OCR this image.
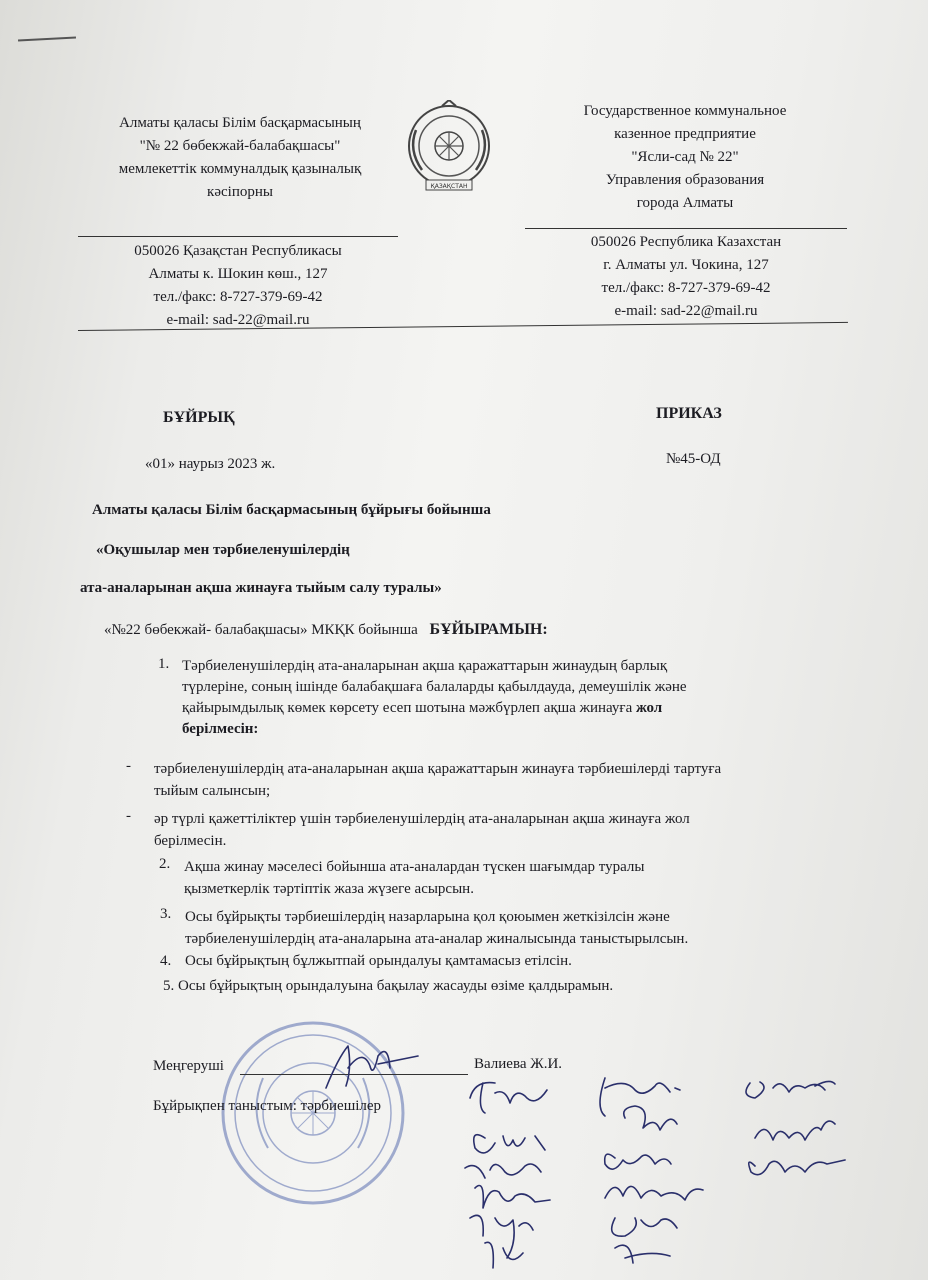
Алматы қаласы Білім басқармасының
"№ 22 бөбекжай-балабақшасы"
мемлекеттік коммуналдық қазыналық
кәсіпорны	ҚАЗАҚСТАН
Государственное коммунальное
казенное предприятие
"Ясли-сад № 22"
Управления образования
города Алматы
050026 Қазақстан Республикасы
Алматы к. Шокин көш., 127
тел./факс: 8-727-379-69-42
e-mail: sad-22@mail.ru
050026 Республика Казахстан
г. Алматы ул. Чокина, 127
тел./факс: 8-727-379-69-42
e-mail: sad-22@mail.ru
БҰЙРЫҚ	ПРИКАЗ
«01» наурыз 2023 ж.	№45-ОД
Алматы қаласы Білім басқармасының бұйрығы бойынша
«Оқушылар мен тәрбиеленушілердің
ата-аналарынан ақша жинауға тыйым салу туралы»
«№22 бөбекжай- балабақшасы» МКҚК бойынша БҰЙЫРАМЫН:
1. Тәрбиеленушілердің ата-аналарынан ақша қаражаттарын жинаудың барлық
түрлеріне, соның ішінде балабақшаға балаларды қабылдауда, демеушілік және
қайырымдылық көмек көрсету есеп шотына мәжбүрлеп ақша жинауға жол
берілмесін:
- тәрбиеленушілердің ата-аналарынан ақша қаражаттарын жинауға тәрбиешілерді тартуға
тыйым салынсын;
- әр түрлі қажеттіліктер үшін тәрбиеленушілердің ата-аналарынан ақша жинауға жол
берілмесін.
2. Ақша жинау мәселесі бойынша ата-аналардан түскен шағымдар туралы
қызметкерлік тәртіптік жаза жүзеге асырсын.
3. Осы бұйрықты тәрбиешілердің назарларына қол қоюымен жеткізілсін және
тәрбиеленушілердің ата-аналарына ата-аналар жиналысында таныстырылсын.
4. Осы бұйрықтың бұлжытпай орындалуы қамтамасыз етілсін.
5. Осы бұйрықтың орындалуына бақылау жасауды өзіме қалдырамын.
Меңгеруші	Валиева Ж.И.
Бұйрықпен таныстым: тәрбиешілер
